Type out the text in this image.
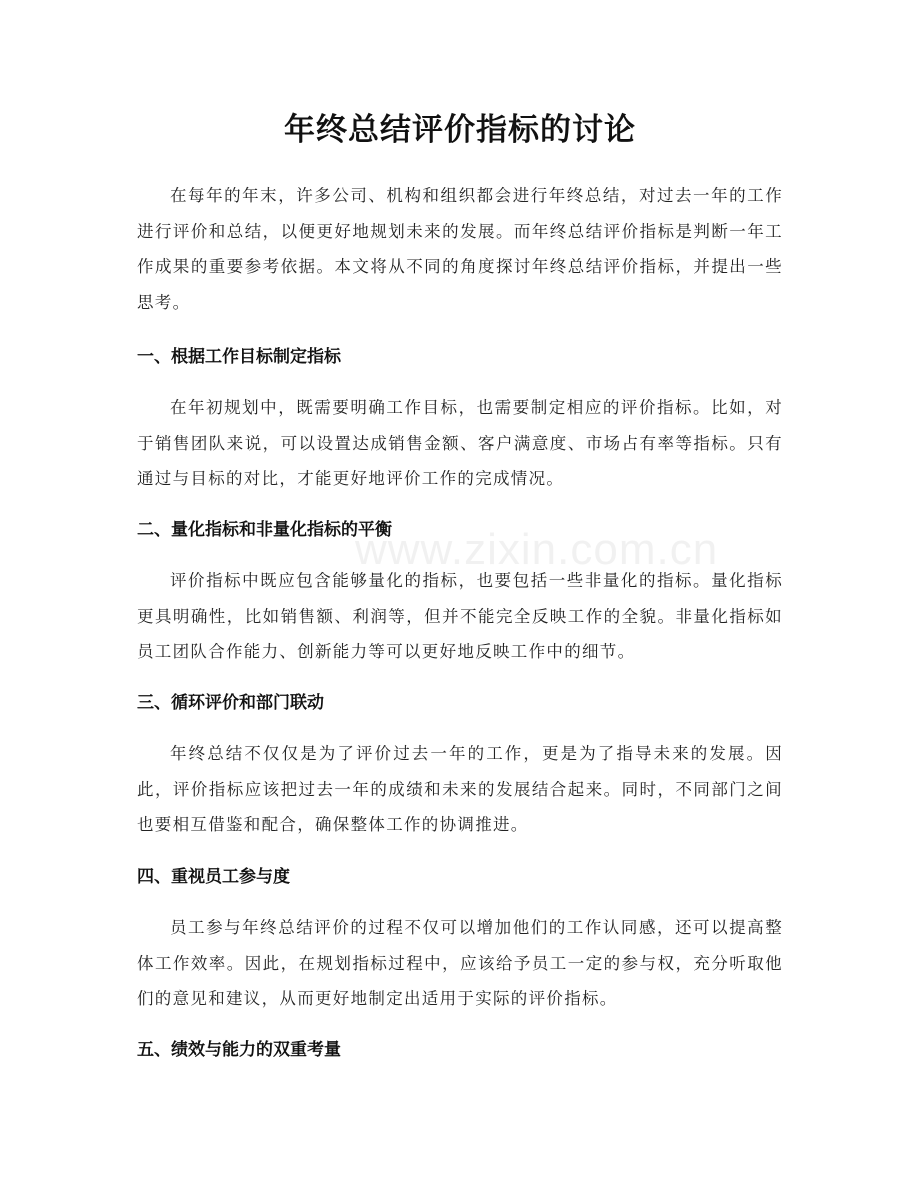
年终总结评价指标的讨论

在每年的年末，许多公司、机构和组织都会进行年终总结，对过去一年的工作进行评价和总结，以便更好地规划未来的发展。而年终总结评价指标是判断一年工作成果的重要参考依据。本文将从不同的角度探讨年终总结评价指标，并提出一些思考。

一、根据工作目标制定指标

在年初规划中，既需要明确工作目标，也需要制定相应的评价指标。比如，对于销售团队来说，可以设置达成销售金额、客户满意度、市场占有率等指标。只有通过与目标的对比，才能更好地评价工作的完成情况。

二、量化指标和非量化指标的平衡

评价指标中既应包含能够量化的指标，也要包括一些非量化的指标。量化指标更具明确性，比如销售额、利润等，但并不能完全反映工作的全貌。非量化指标如员工团队合作能力、创新能力等可以更好地反映工作中的细节。

三、循环评价和部门联动

年终总结不仅仅是为了评价过去一年的工作，更是为了指导未来的发展。因此，评价指标应该把过去一年的成绩和未来的发展结合起来。同时，不同部门之间也要相互借鉴和配合，确保整体工作的协调推进。

四、重视员工参与度

员工参与年终总结评价的过程不仅可以增加他们的工作认同感，还可以提高整体工作效率。因此，在规划指标过程中，应该给予员工一定的参与权，充分听取他们的意见和建议，从而更好地制定出适用于实际的评价指标。

五、绩效与能力的双重考量
www.zixin.com.cn
